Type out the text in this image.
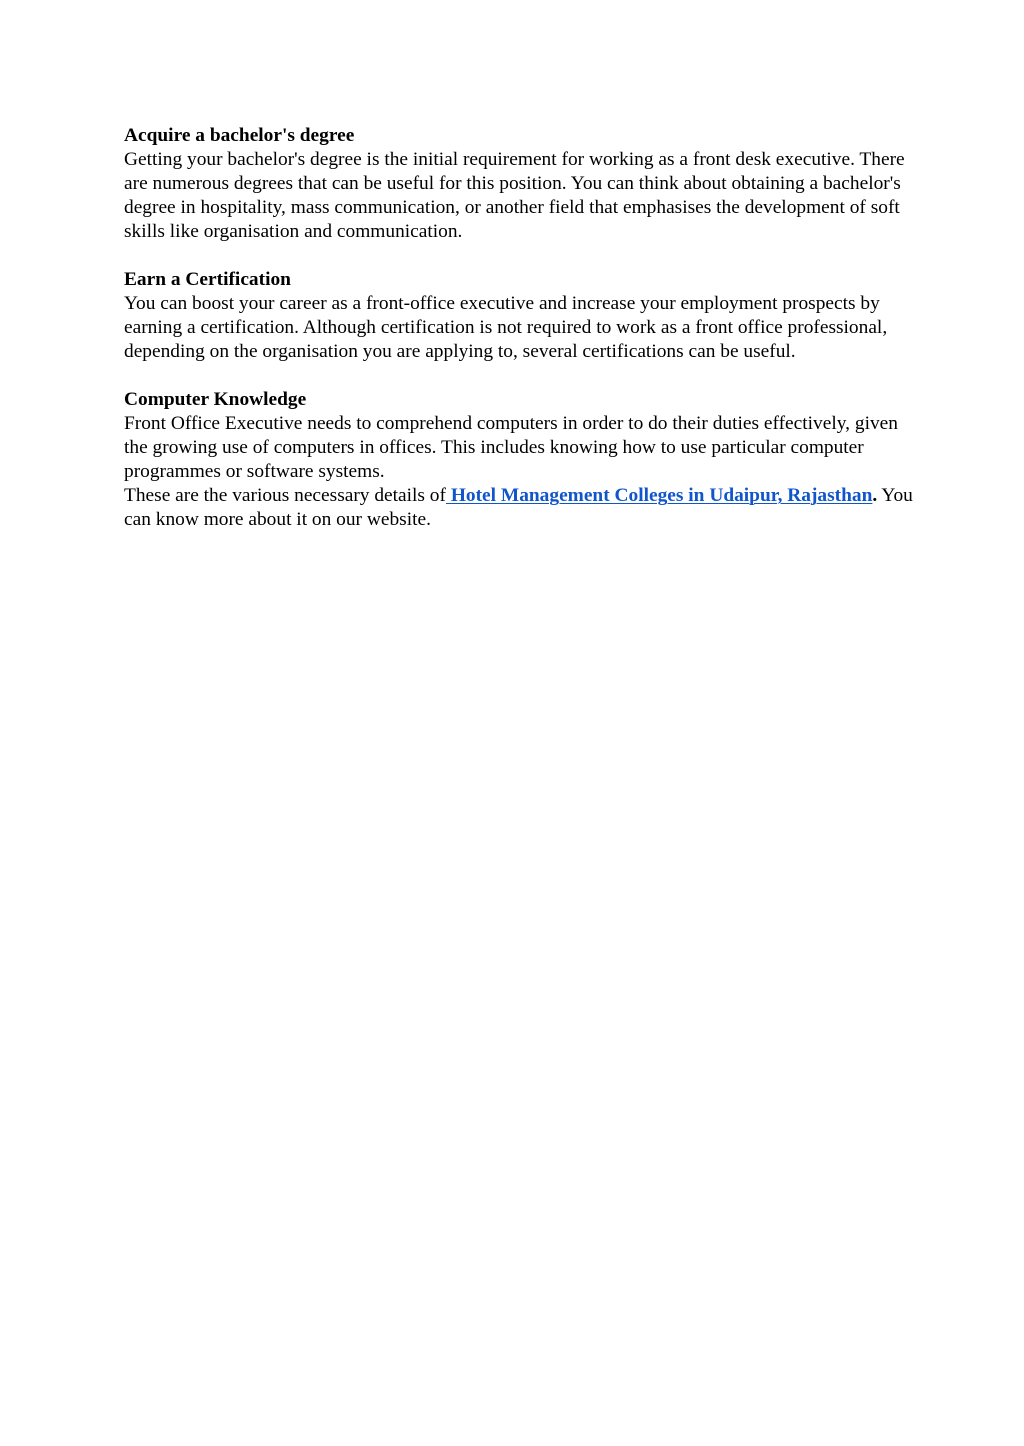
Acquire a bachelor's degree

Getting your bachelor's degree is the initial requirement for working as a front desk executive. There are numerous degrees that can be useful for this position. You can think about obtaining a bachelor's degree in hospitality, mass communication, or another field that emphasises the development of soft skills like organisation and communication.

Earn a Certification

You can boost your career as a front-office executive and increase your employment prospects by earning a certification. Although certification is not required to work as a front office professional, depending on the organisation you are applying to, several certifications can be useful.

Computer Knowledge

Front Office Executive needs to comprehend computers in order to do their duties effectively, given the growing use of computers in offices. This includes knowing how to use particular computer programmes or software systems.

These are the various necessary details of Hotel Management Colleges in Udaipur, Rajasthan. You can know more about it on our website.
